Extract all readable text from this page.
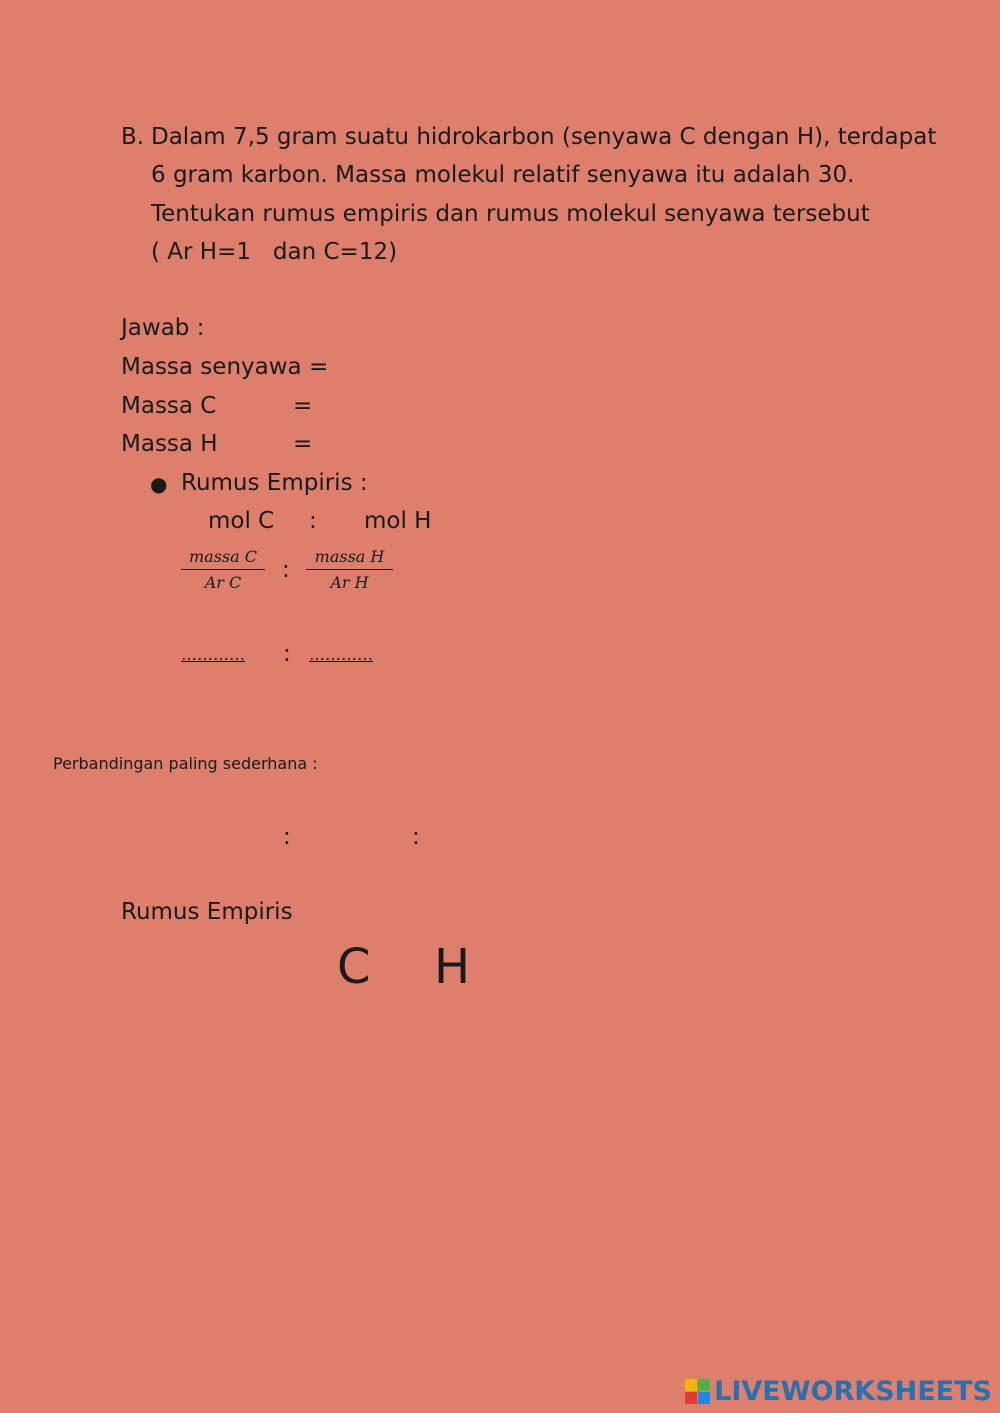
B. Dalam 7,5 gram suatu hidrokarbon (senyawa C dengan H), terdapat
6 gram karbon. Massa molekul relatif senyawa itu adalah 30.
Tentukan rumus empiris dan rumus molekul senyawa tersebut
( Ar H=1   dan C=12)
Jawab :
Massa senyawa =
Massa C	=
Massa H	=
● Rumus Empiris :
mol C : mol H
massa C
Ar C	:
massa H
Ar H
………… : …………
Perbandingan paling sederhana :
:	:
Rumus Empiris
C H
LIVEWORKSHEETS
